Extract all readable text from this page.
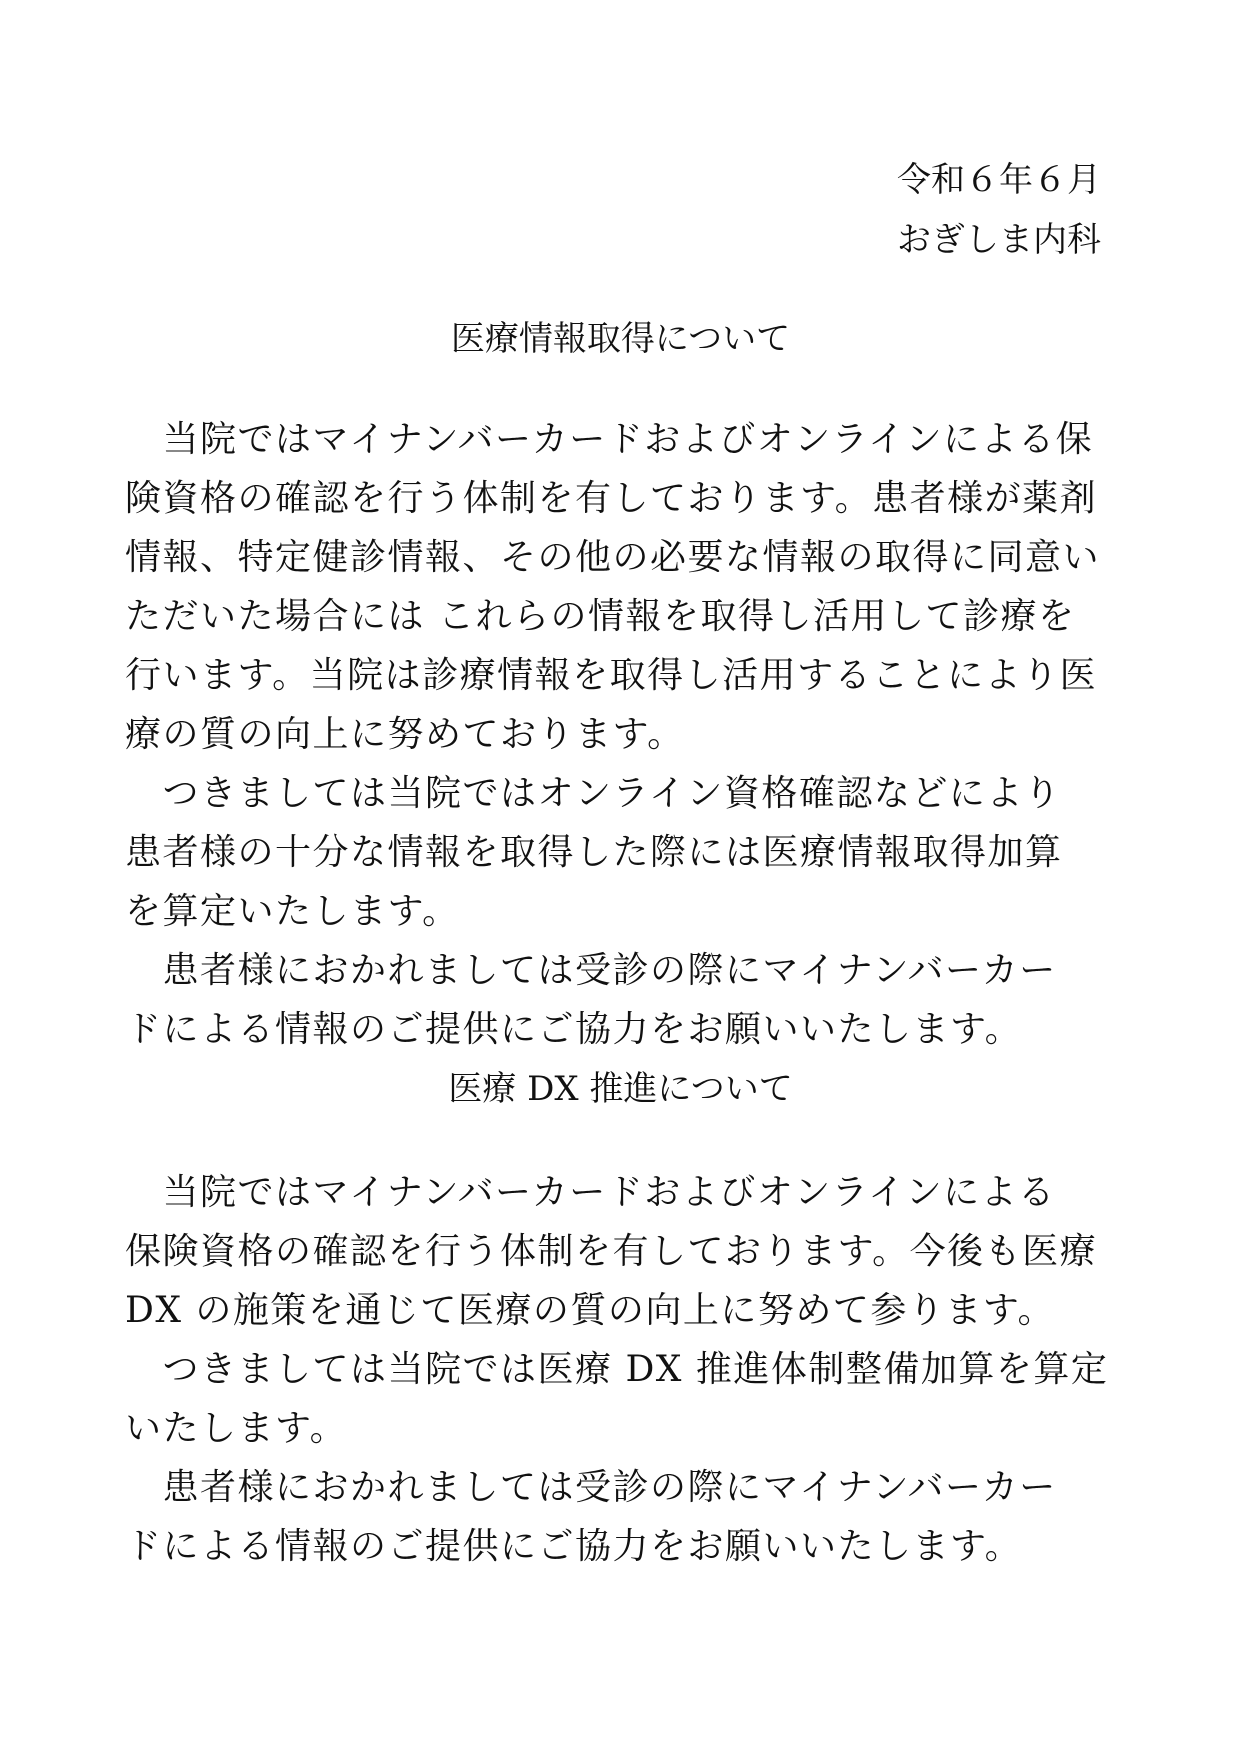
令和６年６月
おぎしま内科
医療情報取得について
　当院ではマイナンバーカードおよびオンラインによる保
険資格の確認を行う体制を有しております。患者様が薬剤
情報、特定健診情報、その他の必要な情報の取得に同意い
ただいた場合には これらの情報を取得し活用して診療を
行います。当院は診療情報を取得し活用することにより医
療の質の向上に努めております。
　つきましては当院ではオンライン資格確認などにより
患者様の十分な情報を取得した際には医療情報取得加算
を算定いたします。
　患者様におかれましては受診の際にマイナンバーカー
ドによる情報のご提供にご協力をお願いいたします。
医療 DX 推進について
　当院ではマイナンバーカードおよびオンラインによる
保険資格の確認を行う体制を有しております。今後も医療
DX の施策を通じて医療の質の向上に努めて参ります。
　つきましては当院では医療 DX 推進体制整備加算を算定
いたします。
　患者様におかれましては受診の際にマイナンバーカー
ドによる情報のご提供にご協力をお願いいたします。
